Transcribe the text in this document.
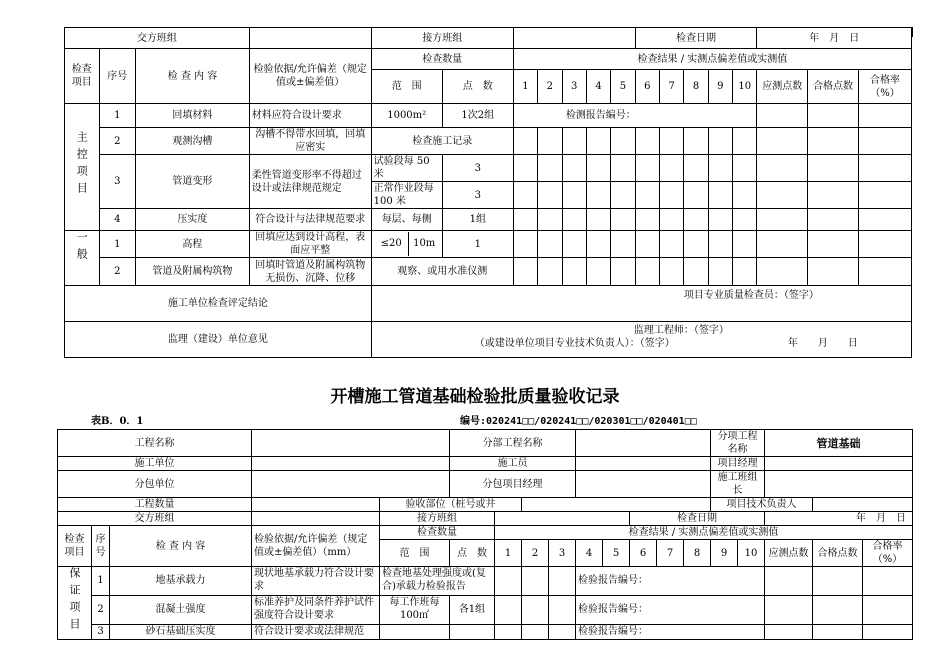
交方班组				接方班组							检查日期					年　月　日		
检查项目	序号	检 查 内 容	检验依据/允许偏差（规定值或±偏差值）	检查数量		检查结果 / 实测点偏差值或实测值												
				范　围	点　数	1	2	3	4	5	6	7	8	9	10	应测点数	合格点数	合格率（%）
主控项目	1	回填材料	材料应符合设计要求	1000m²	1次2组	检测报告编号：												
	2	观测沟槽	沟槽不得带水回填，回填应密实	检查施工记录														
	3	管道变形	柔性管道变形率不得超过设计或法律规范规定	试验段每 50 米	3													
				正常作业段每 100 米	3													
	4	压实度	符合设计与法律规范要求	每层、每侧	1组													
一般	1	高程	回填应达到设计高程，表面应平整	≤20 10m	1													
	2	管道及附属构筑物	回填时管道及附属构筑物无损伤、沉降、位移	观察、或用水准仪测														
施工单位检查评定结论				项目专业质量检查员：（签字）														
监理（建设）单位意见				监理工程师：（签字）
（或建设单位项目专业技术负责人）：（签字） 年　　月　　日														
开槽施工管道基础检验批质量验收记录
表B．0．1	编号:020241□□/020241□□/020301□□/020401□□
工程名称					分部工程名称									分项工程名称		管道基础		
施工单位					施工员									项目经理				
分包单位					分包项目经理									施工班组长				
工程数量				验收部位（桩号或井										项目技术负责人				
交方班组				接方班组							检查日期					年　月　日		
检查项目	序号	检 查 内 容	检验依据/允许偏差（规定值或±偏差值）（mm）	检查数量		检查结果 / 实测点偏差值或实测值												
				范　围	点　数	1	2	3	4	5	6	7	8	9	10	应测点数	合格点数	合格率（%）
保证项目	1	地基承载力	现状地基承载力符合设计要求	检查地基处理强度或(复合)承载力检验报告					检验报告编号：									
	2	混凝土强度	标准养护及同条件养护试件强度符合设计要求	每工作班每100㎡	各1组				检验报告编号：									
	3	砂石基础压实度	符合设计要求或法律规范						检验报告编号：									
